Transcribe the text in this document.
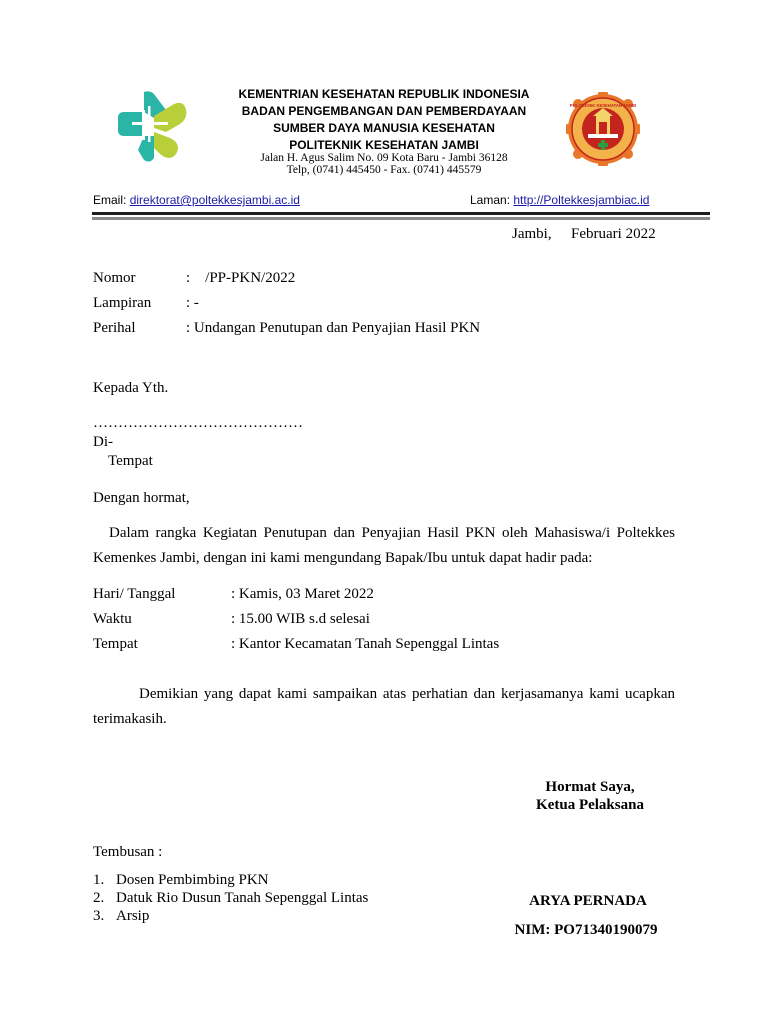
KEMENTRIAN KESEHATAN REPUBLIK INDONESIA
BADAN PENGEMBANGAN DAN PEMBERDAYAAN
SUMBER DAYA MANUSIA KESEHATAN
POLITEKNIK KESEHATAN JAMBI
Jalan H. Agus Salim No. 09 Kota Baru - Jambi 36128
Telp, (0741) 445450 - Fax. (0741) 445579
POLITEKNIK KESEHATAN JAMBI
Email: direktorat@poltekkesjambi.ac.id	Laman: http://Poltekkesjambiac.id
Jambi, Februari 2022
Nomor	:    /PP-PKN/2022
Lampiran : -
Perihal	: Undangan Penutupan dan Penyajian Hasil PKN
Kepada Yth.
……………………………………
Di-
Tempat
Dengan hormat,
Dalam rangka Kegiatan Penutupan dan Penyajian Hasil PKN oleh Mahasiswa/i Poltekkes Kemenkes Jambi, dengan ini kami mengundang Bapak/Ibu untuk dapat hadir pada:
Hari/ Tanggal	: Kamis, 03 Maret 2022
Waktu	: 15.00 WIB s.d selesai
Tempat	: Kantor Kecamatan Tanah Sepenggal Lintas
Demikian yang dapat kami sampaikan atas perhatian dan kerjasamanya kami ucapkan terimakasih.
Hormat Saya,
Ketua Pelaksana
ARYA PERNADA
NIM: PO71340190079
Tembusan :
1. Dosen Pembimbing PKN
2. Datuk Rio Dusun Tanah Sepenggal Lintas
3. Arsip
